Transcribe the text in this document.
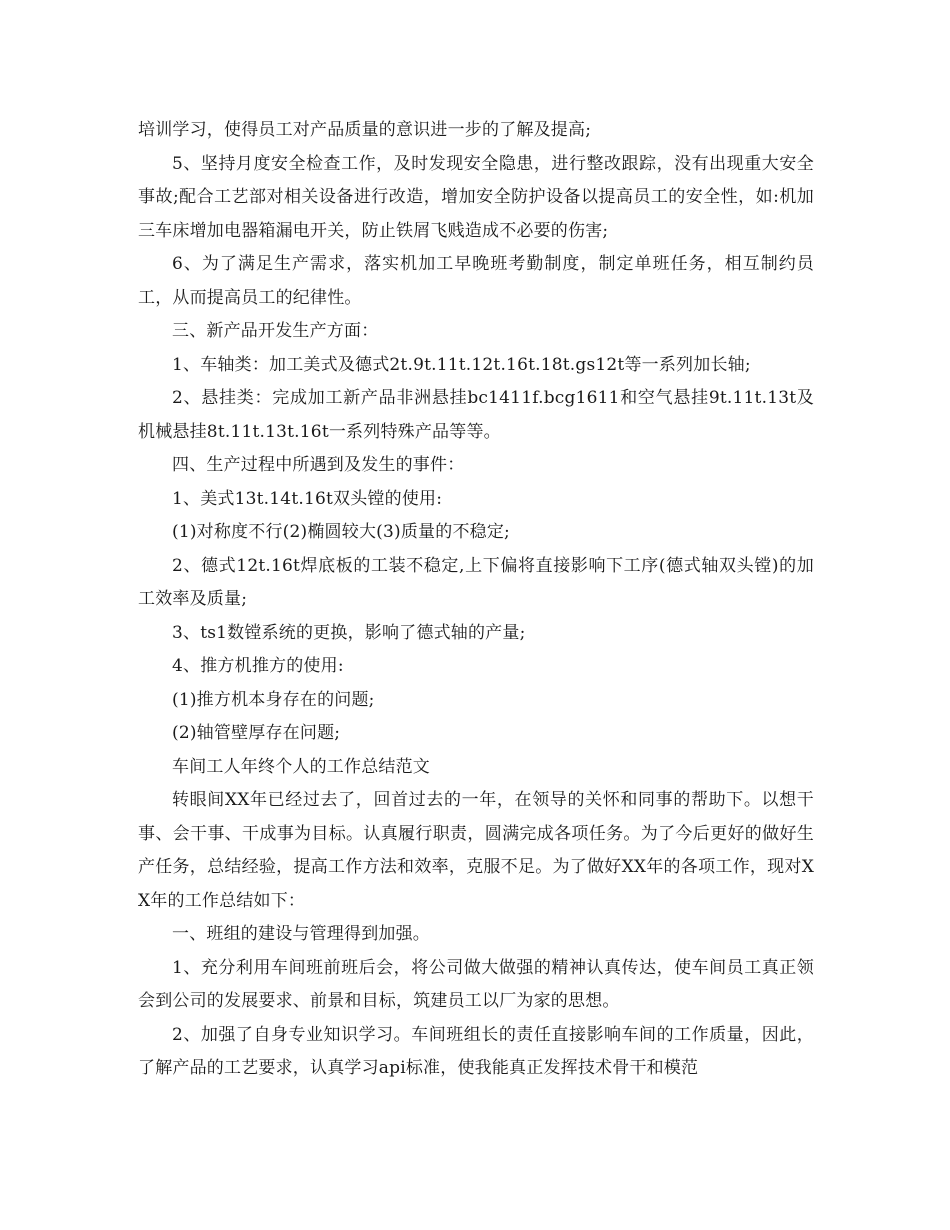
培训学习，使得员工对产品质量的意识进一步的了解及提高;

5、坚持月度安全检查工作，及时发现安全隐患，进行整改跟踪，没有出现重大安全事故;配合工艺部对相关设备进行改造，增加安全防护设备以提高员工的安全性，如:机加三车床增加电器箱漏电开关，防止铁屑飞贱造成不必要的伤害;

6、为了满足生产需求，落实机加工早晚班考勤制度，制定单班任务，相互制约员工，从而提高员工的纪律性。

三、新产品开发生产方面：

1、车轴类：加工美式及德式2t.9t.11t.12t.16t.18t.gs12t等一系列加长轴;

2、悬挂类：完成加工新产品非洲悬挂bc1411f.bcg1611和空气悬挂9t.11t.13t及机械悬挂8t.11t.13t.16t一系列特殊产品等等。

四、生产过程中所遇到及发生的事件：

1、美式13t.14t.16t双头镗的使用:

(1)对称度不行(2)椭圆较大(3)质量的不稳定;

2、德式12t.16t焊底板的工装不稳定,上下偏将直接影响下工序(德式轴双头镗)的加工效率及质量;

3、ts1数镗系统的更换，影响了德式轴的产量;

4、推方机推方的使用:

(1)推方机本身存在的问题;

(2)轴管壁厚存在问题;

车间工人年终个人的工作总结范文

转眼间XX年已经过去了，回首过去的一年，在领导的关怀和同事的帮助下。以想干事、会干事、干成事为目标。认真履行职责，圆满完成各项任务。为了今后更好的做好生产任务，总结经验，提高工作方法和效率，克服不足。为了做好XX年的各项工作，现对XX年的工作总结如下：

一、班组的建设与管理得到加强。

1、充分利用车间班前班后会，将公司做大做强的精神认真传达，使车间员工真正领会到公司的发展要求、前景和目标，筑建员工以厂为家的思想。

2、加强了自身专业知识学习。车间班组长的责任直接影响车间的工作质量，因此，了解产品的工艺要求，认真学习api标准，使我能真正发挥技术骨干和模范
